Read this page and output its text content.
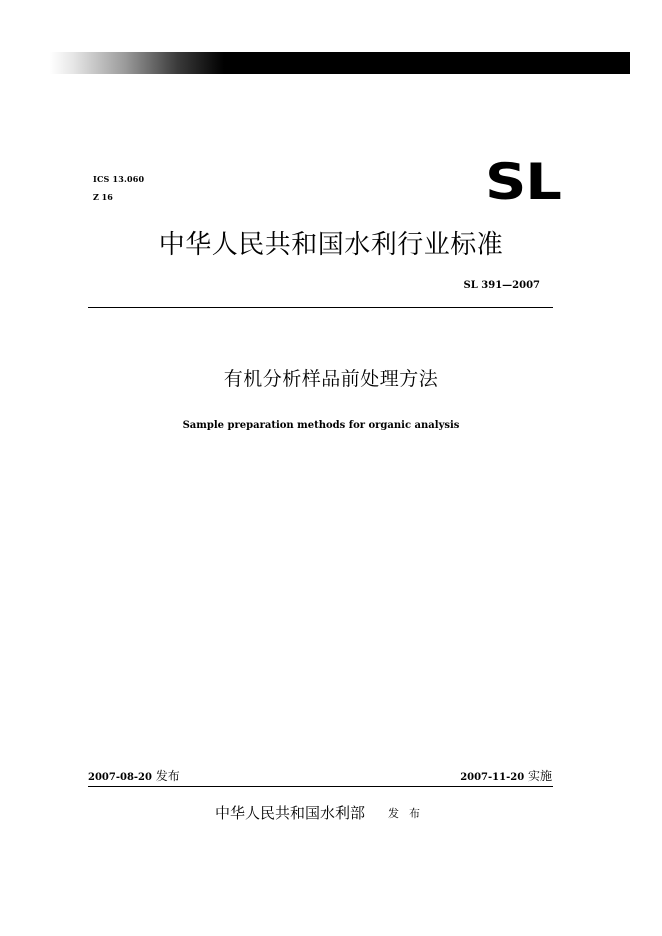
ICS 13.060
Z 16	SL
中华人民共和国水利行业标准
SL 391—2007
有机分析样品前处理方法
Sample preparation methods for organic analysis
2007-08-20 发布	2007-11-20 实施
中华人民共和国水利部 发布
